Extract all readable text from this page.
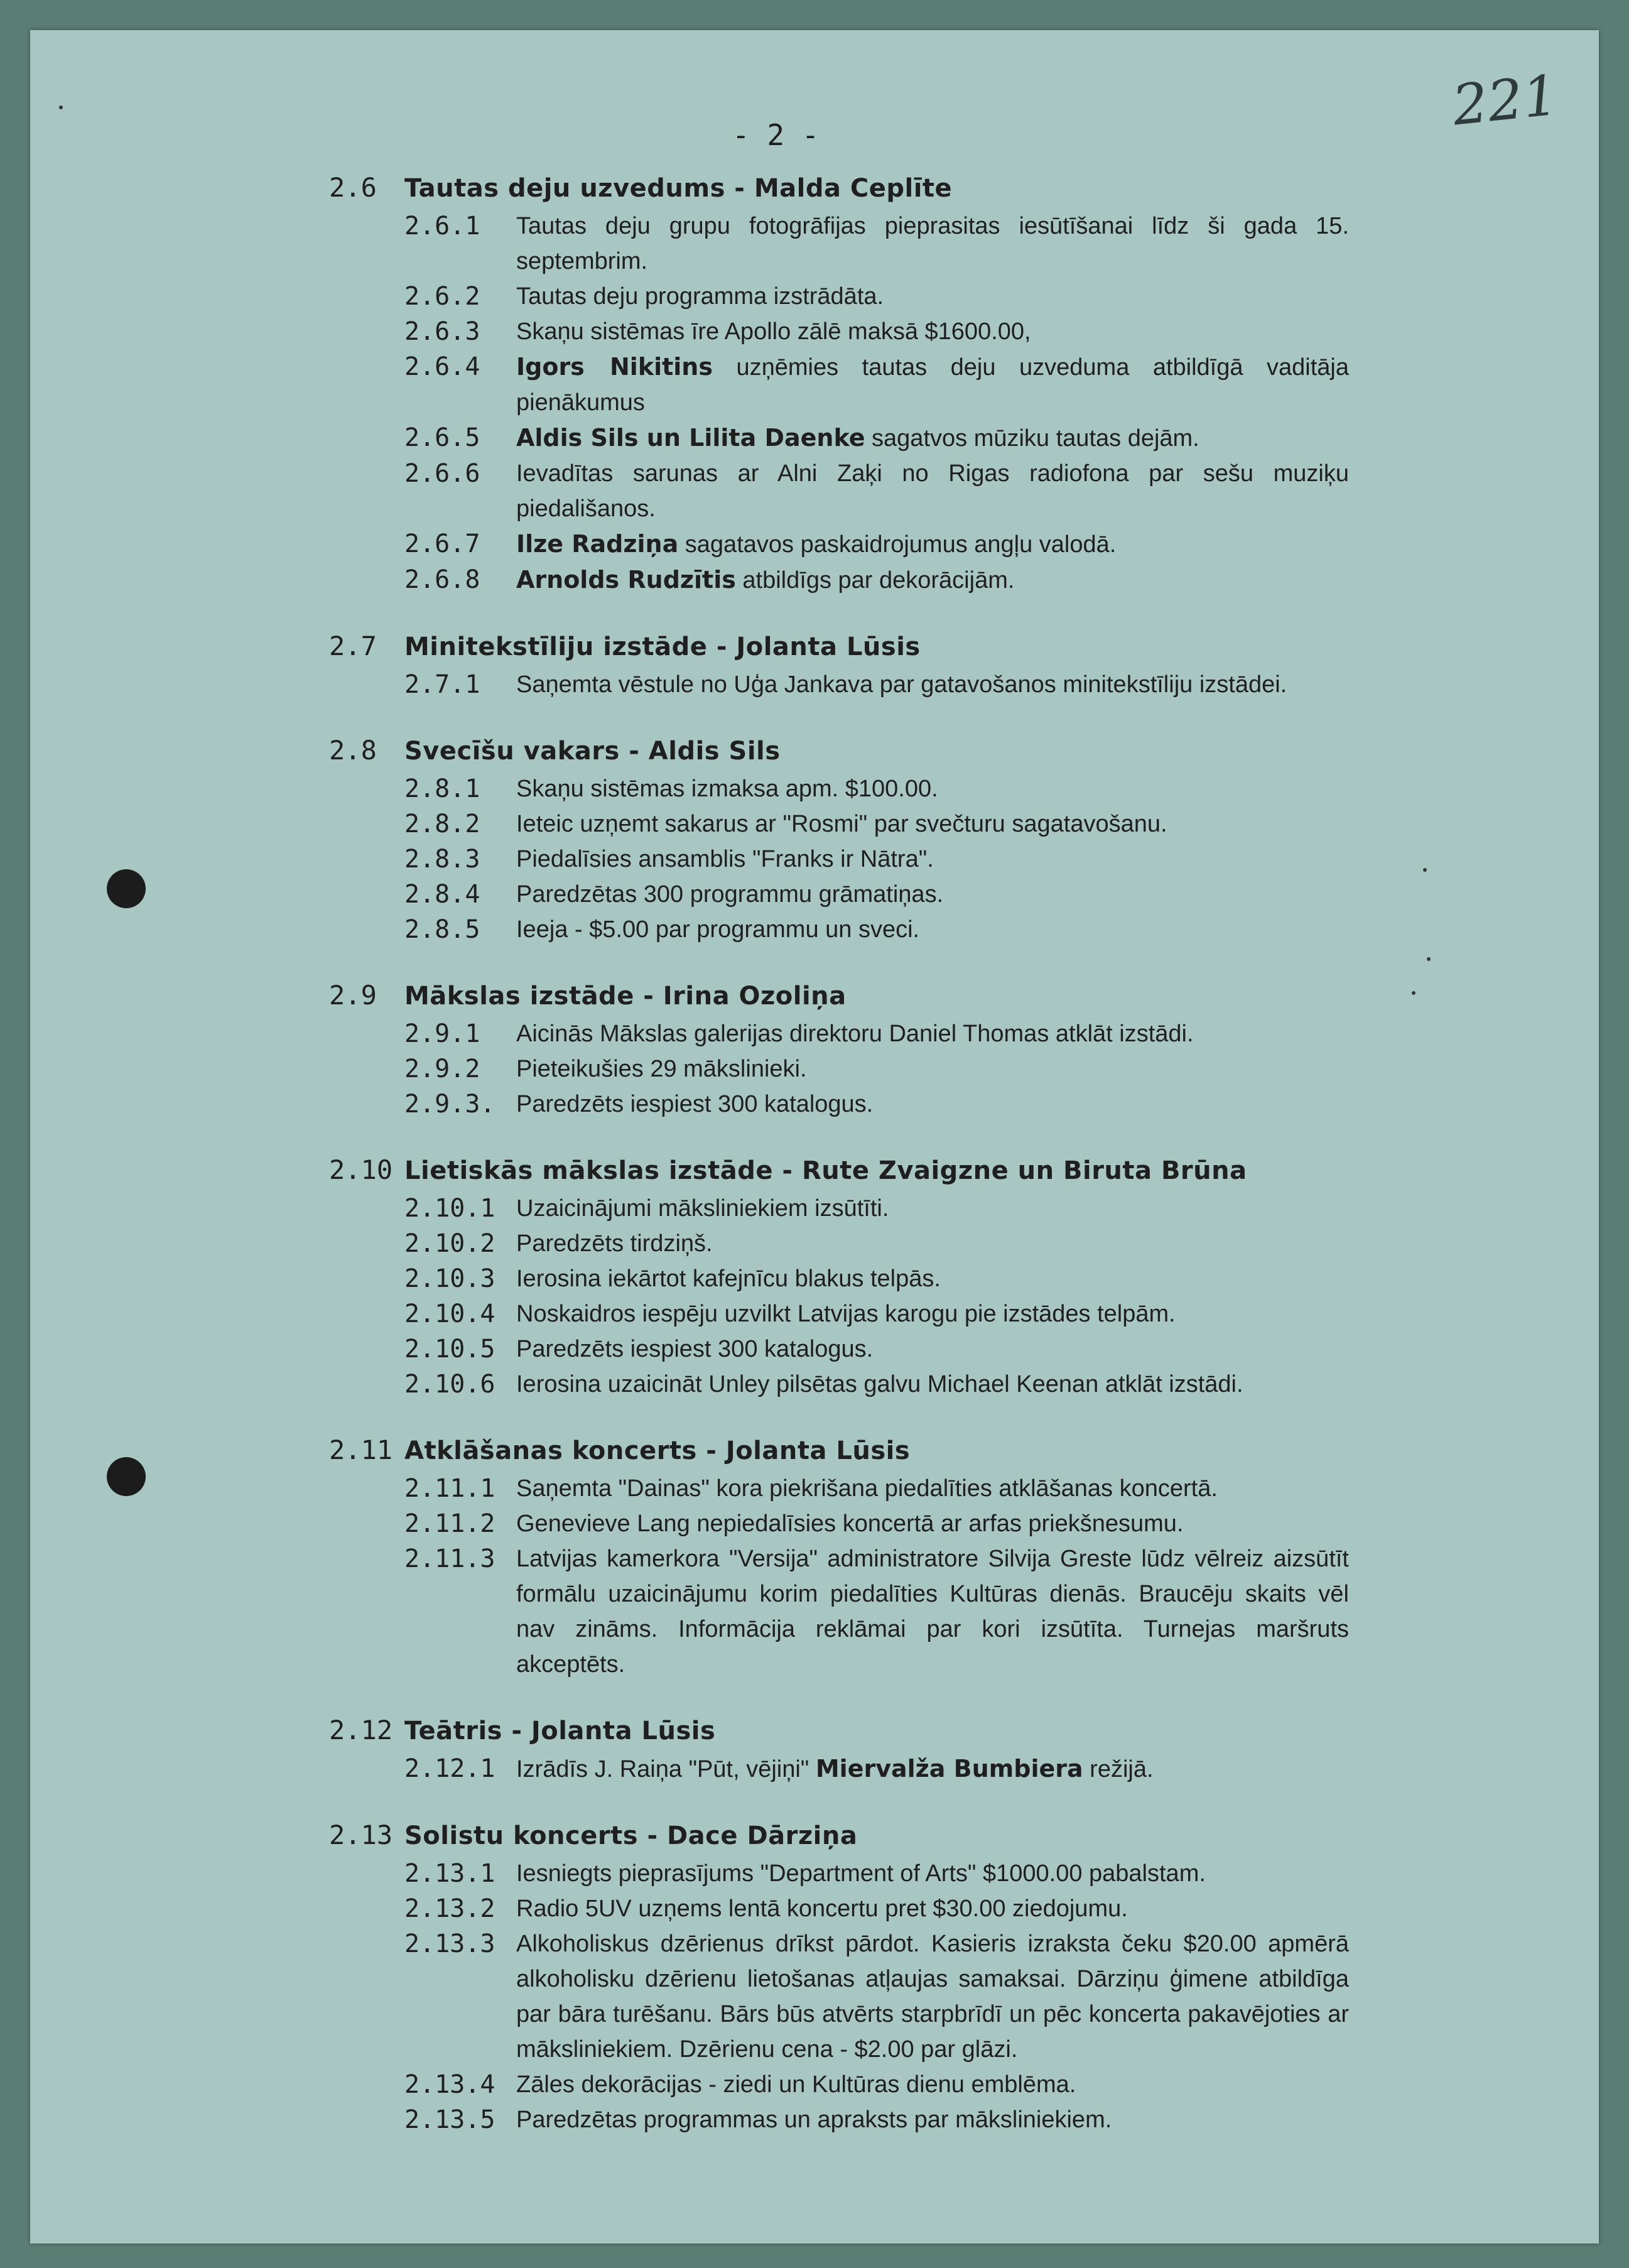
- 2 -	221
2.6	Tautas deju uzvedums - Malda Ceplīte
2.6.1	Tautas deju grupu fotogrāfijas pieprasitas iesūtīšanai līdz ši gada 15. septembrim.
2.6.2	Tautas deju programma izstrādāta.
2.6.3	Skaņu sistēmas īre Apollo zālē maksā $1600.00,
2.6.4	Igors Nikitins uzņēmies tautas deju uzveduma atbildīgā vaditāja pienākumus
2.6.5	Aldis Sils un Lilita Daenke sagatvos mūziku tautas dejām.
2.6.6	Ievadītas sarunas ar Alni Zaķi no Rigas radiofona par sešu muziķu piedališanos.
2.6.7	Ilze Radziņa sagatavos paskaidrojumus angļu valodā.
2.6.8	Arnolds Rudzītis atbildīgs par dekorācijām.
2.7	Minitekstīliju izstāde - Jolanta Lūsis
2.7.1	Saņemta vēstule no Uģa Jankava par gatavošanos minitekstīliju izstādei.
2.8	Svecīšu vakars - Aldis Sils
2.8.1	Skaņu sistēmas izmaksa apm. $100.00.
2.8.2	Ieteic uzņemt sakarus ar "Rosmi" par svečturu sagatavošanu.
2.8.3	Piedalīsies ansamblis "Franks ir Nātra".
2.8.4	Paredzētas 300 programmu grāmatiņas.
2.8.5	Ieeja - $5.00 par programmu un sveci.
2.9	Mākslas izstāde - Irina Ozoliņa
2.9.1	Aicinās Mākslas galerijas direktoru Daniel Thomas atklāt izstādi.
2.9.2	Pieteikušies 29 mākslinieki.
2.9.3. Paredzēts iespiest 300 katalogus.
2.10 Lietiskās mākslas izstāde - Rute Zvaigzne un Biruta Brūna
2.10.1 Uzaicinājumi māksliniekiem izsūtīti.
2.10.2 Paredzēts tirdziņš.
2.10.3 Ierosina iekārtot kafejnīcu blakus telpās.
2.10.4 Noskaidros iespēju uzvilkt Latvijas karogu pie izstādes telpām.
2.10.5 Paredzēts iespiest 300 katalogus.
2.10.6 Ierosina uzaicināt Unley pilsētas galvu Michael Keenan atklāt izstādi.
2.11 Atklāšanas koncerts - Jolanta Lūsis
2.11.1 Saņemta "Dainas" kora piekrišana piedalīties atklāšanas koncertā.
2.11.2 Genevieve Lang nepiedalīsies koncertā ar arfas priekšnesumu.
2.11.3 Latvijas kamerkora "Versija" administratore Silvija Greste lūdz vēlreiz aizsūtīt formālu uzaicinājumu korim piedalīties Kultūras dienās. Braucēju skaits vēl nav zināms. Informācija reklāmai par kori izsūtīta. Turnejas maršruts akceptēts.
2.12 Teātris - Jolanta Lūsis
2.12.1 Izrādīs J. Raiņa "Pūt, vējiņi" Miervalža Bumbiera režijā.
2.13 Solistu koncerts - Dace Dārziņa
2.13.1 Iesniegts pieprasījums "Department of Arts" $1000.00 pabalstam.
2.13.2 Radio 5UV uzņems lentā koncertu pret $30.00 ziedojumu.
2.13.3 Alkoholiskus dzērienus drīkst pārdot. Kasieris izraksta čeku $20.00 apmērā alkoholisku dzērienu lietošanas atļaujas samaksai. Dārziņu ģimene atbildīga par bāra turēšanu. Bārs būs atvērts starpbrīdī un pēc koncerta pakavējoties ar māksliniekiem. Dzērienu cena - $2.00 par glāzi.
2.13.4 Zāles dekorācijas - ziedi un Kultūras dienu emblēma.
2.13.5 Paredzētas programmas un apraksts par māksliniekiem.
